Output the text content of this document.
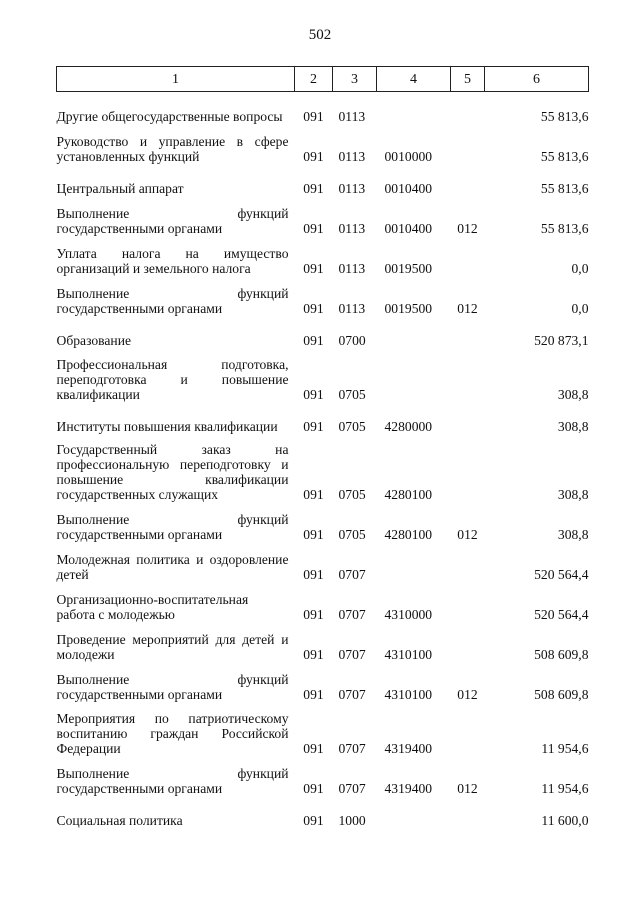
502
1	2	3	4	5	6
Другие общегосударственные вопросы	091	0113			55 813,6

Руководство и управление в сфере установленных функций	091	0113	0010000		55 813,6

Центральный аппарат	091	0113	0010400		55 813,6

Выполнение функций государственными органами	091	0113	0010400	012	55 813,6

Уплата налога на имущество организаций и земельного налога	091	0113	0019500		0,0

Выполнение функций государственными органами	091	0113	0019500	012	0,0

Образование	091	0700			520 873,1

Профессиональная подготовка, переподготовка и повышение квалификации	091	0705			308,8

Институты повышения квалификации	091	0705	4280000		308,8

Государственный заказ на профессиональную переподготовку и повышение квалификации государственных служащих	091	0705	4280100		308,8

Выполнение функций государственными органами	091	0705	4280100	012	308,8

Молодежная политика и оздоровление детей	091	0707			520 564,4

Организационно-воспитательная работа с молодежью	091	0707	4310000		520 564,4

Проведение мероприятий для детей и молодежи	091	0707	4310100		508 609,8

Выполнение функций государственными органами	091	0707	4310100	012	508 609,8

Мероприятия по патриотическому воспитанию граждан Российской Федерации	091	0707	4319400		11 954,6

Выполнение функций государственными органами	091	0707	4319400	012	11 954,6

Социальная политика	091	1000			11 600,0
